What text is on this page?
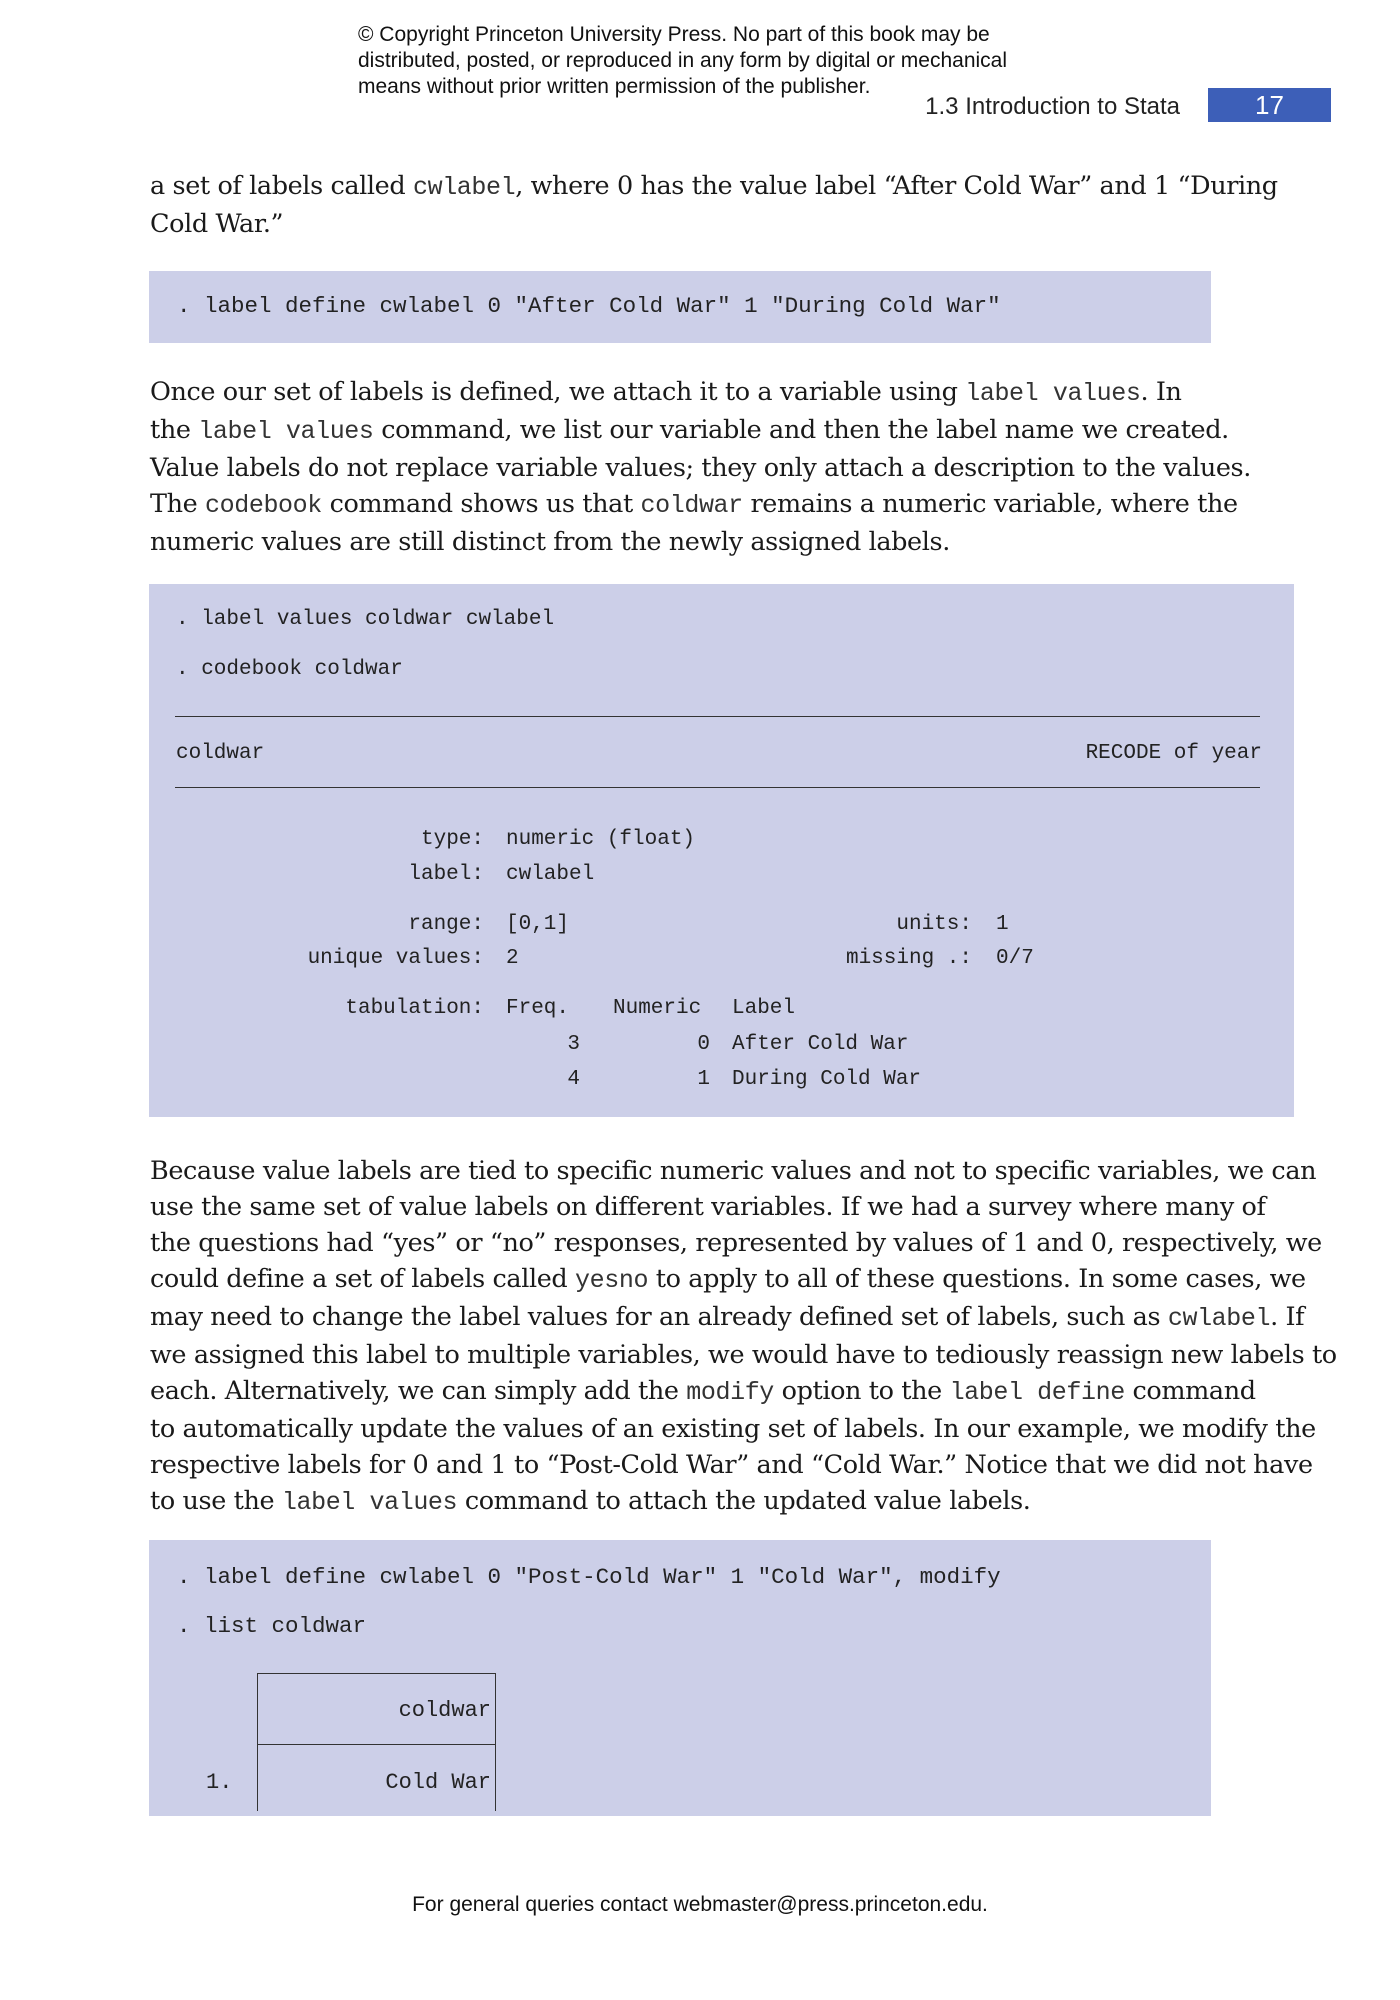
© Copyright Princeton University Press. No part of this book may be
distributed, posted, or reproduced in any form by digital or mechanical
means without prior written permission of the publisher.
1.3 Introduction to Stata	17

a set of labels called cwlabel, where 0 has the value label “After Cold War” and 1 “During
Cold War.”

. label define cwlabel 0 "After Cold War" 1 "During Cold War"

Once our set of labels is defined, we attach it to a variable using label values. In
the label values command, we list our variable and then the label name we created.
Value labels do not replace variable values; they only attach a description to the values.
The codebook command shows us that coldwar remains a numeric variable, where the
numeric values are still distinct from the newly assigned labels.

. label values coldwar cwlabel
. codebook coldwar
coldwar	RECODE of year
type: numeric (float)
label: cwlabel
range: [0,1]	units: 1
unique values: 2	missing .: 0/7
tabulation: Freq. Numeric Label
3	0 After Cold War
4	1 During Cold War

Because value labels are tied to specific numeric values and not to specific variables, we can
use the same set of value labels on different variables. If we had a survey where many of
the questions had “yes” or “no” responses, represented by values of 1 and 0, respectively, we
could define a set of labels called yesno to apply to all of these questions. In some cases, we
may need to change the label values for an already defined set of labels, such as cwlabel. If
we assigned this label to multiple variables, we would have to tediously reassign new labels to
each. Alternatively, we can simply add the modify option to the label define command
to automatically update the values of an existing set of labels. In our example, we modify the
respective labels for 0 and 1 to “Post-Cold War” and “Cold War.” Notice that we did not have
to use the label values command to attach the updated value labels.

. label define cwlabel 0 "Post-Cold War" 1 "Cold War", modify
. list coldwar
coldwar
1.	Cold War
For general queries contact webmaster@press.princeton.edu.
